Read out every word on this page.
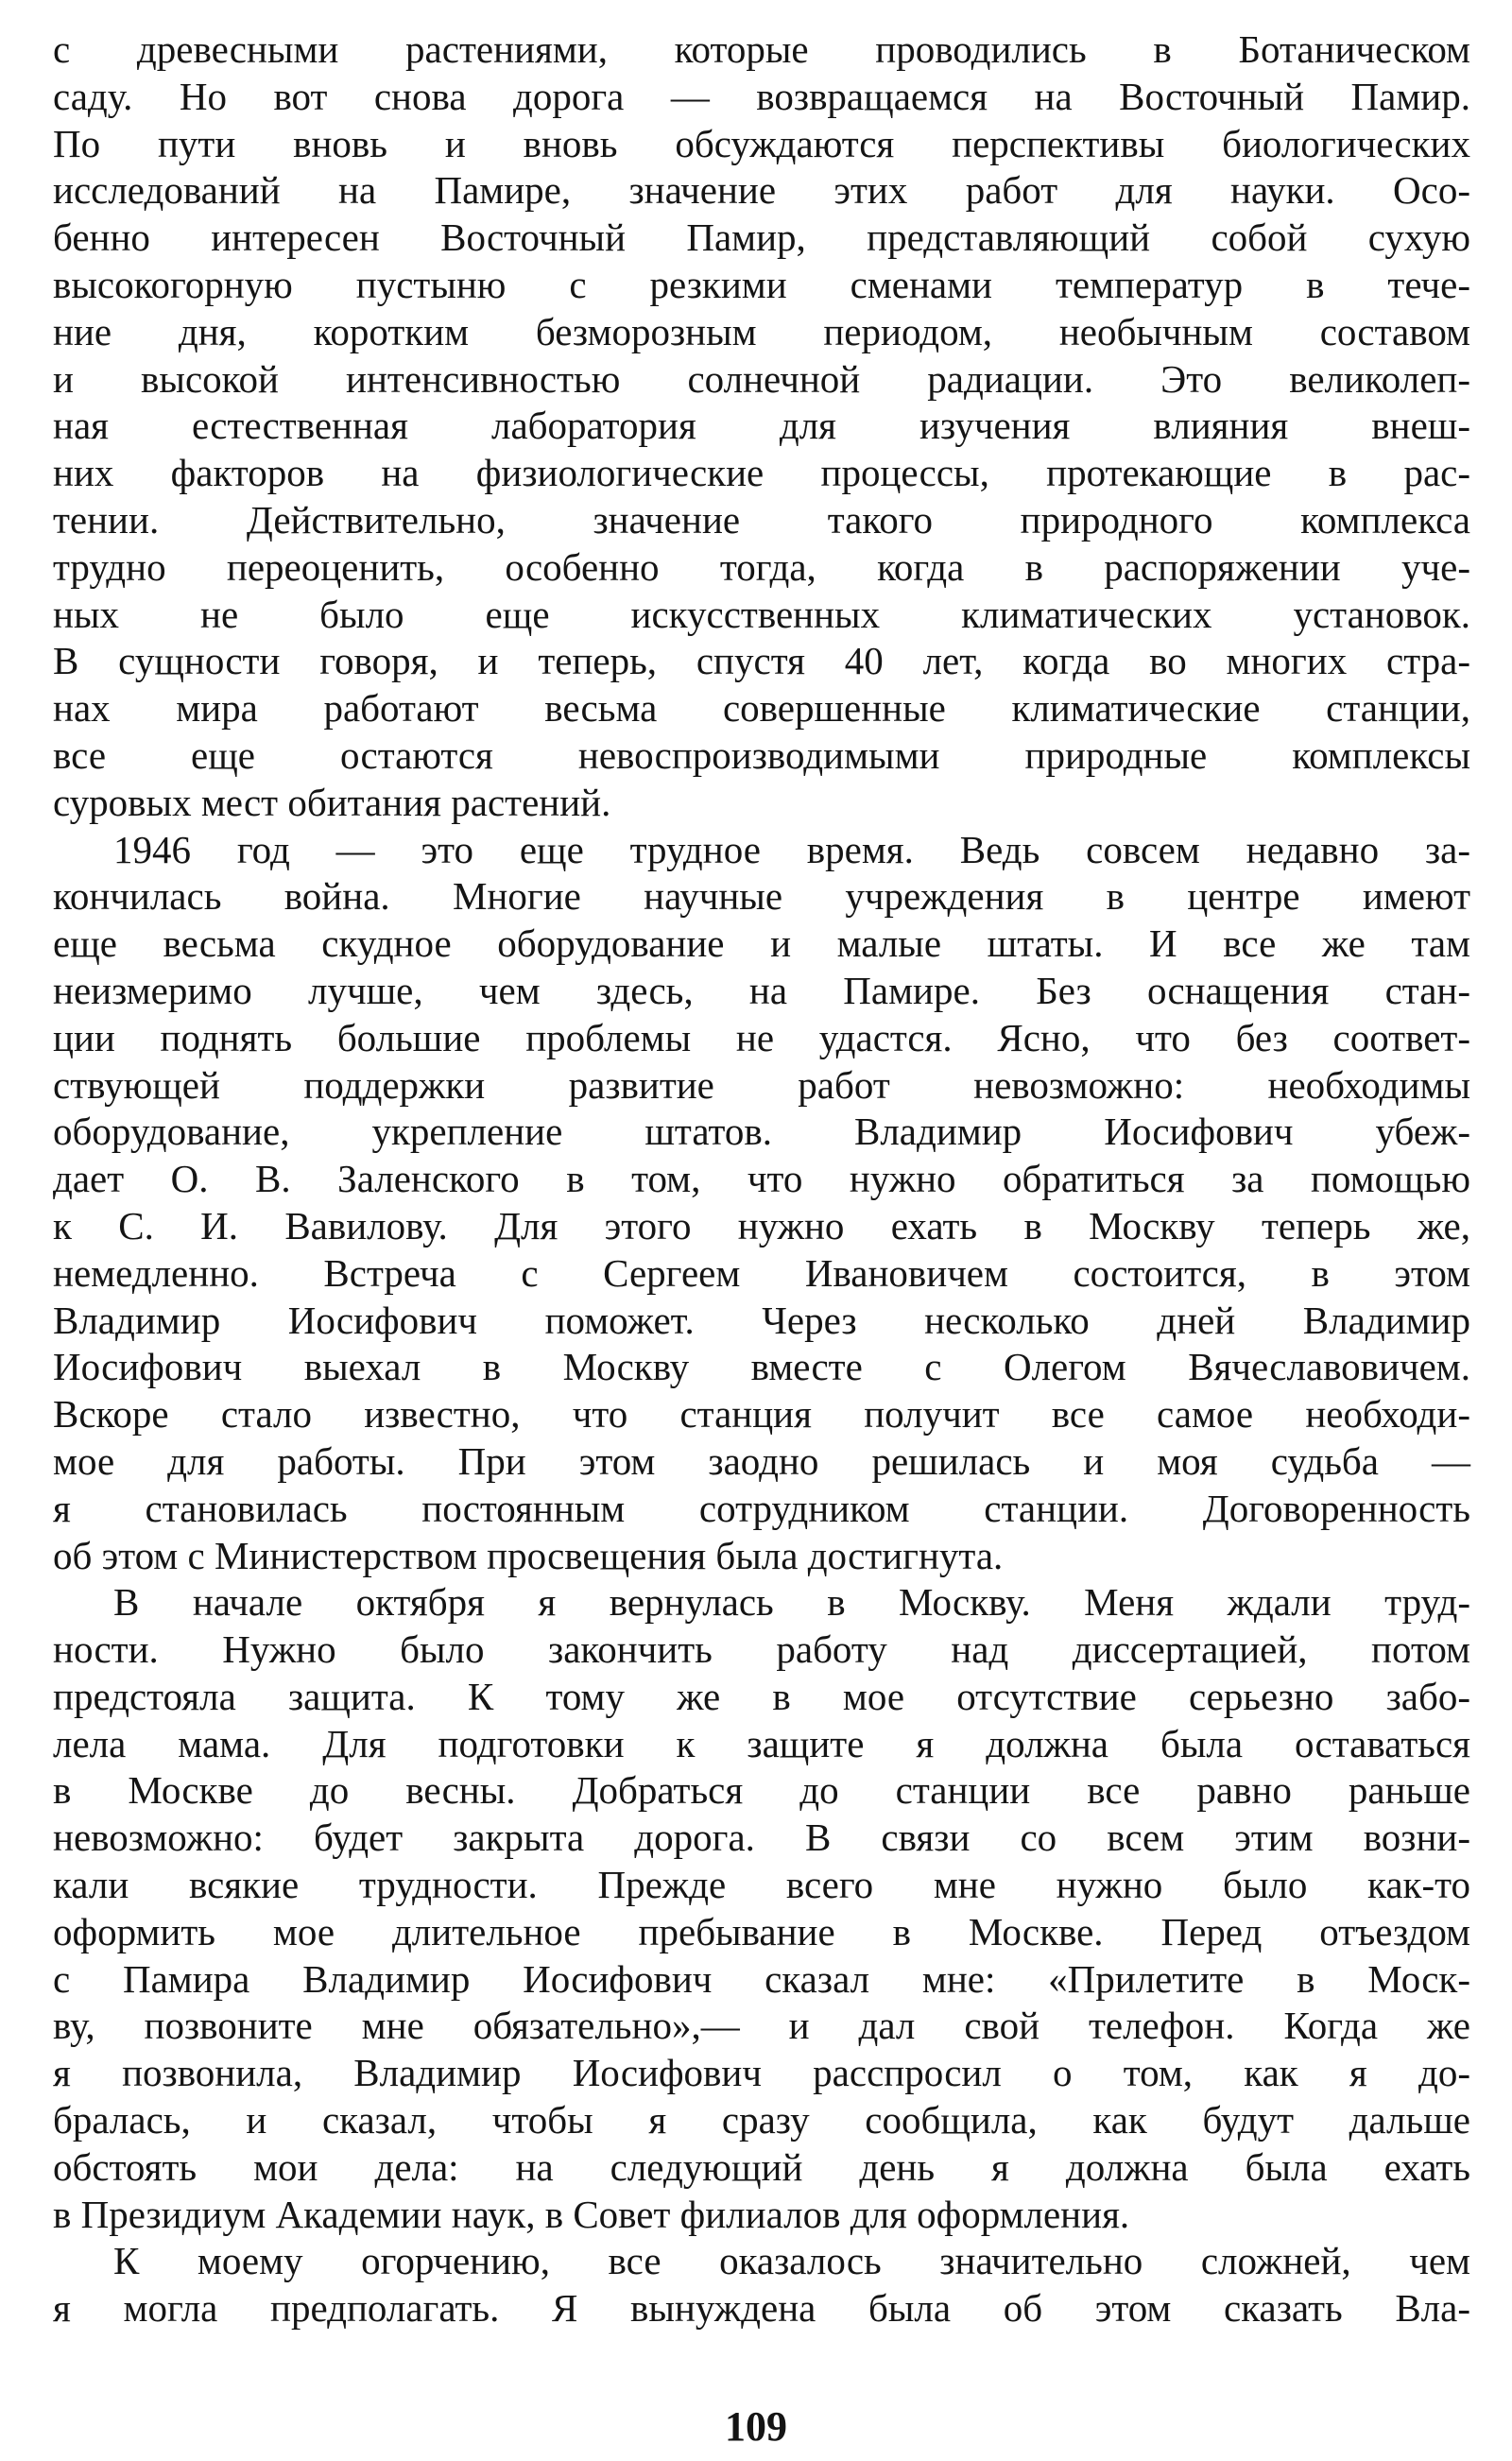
с древесными растениями, которые проводились в Ботаническом
саду. Но вот снова дорога — возвращаемся на Восточный Памир.
По пути вновь и вновь обсуждаются перспективы биологических
исследований на Памире, значение этих работ для науки. Осо-
бенно интересен Восточный Памир, представляющий собой сухую
высокогорную пустыню с резкими сменами температур в тече-
ние дня, коротким безморозным периодом, необычным составом
и высокой интенсивностью солнечной радиации. Это великолеп-
ная естественная лаборатория для изучения влияния внеш-
них факторов на физиологические процессы, протекающие в рас-
тении. Действительно, значение такого природного комплекса
трудно переоценить, особенно тогда, когда в распоряжении уче-
ных не было еще искусственных климатических установок.
В сущности говоря, и теперь, спустя 40 лет, когда во многих стра-
нах мира работают весьма совершенные климатические станции,
все еще остаются невоспроизводимыми природные комплексы
суровых мест обитания растений.
1946 год — это еще трудное время. Ведь совсем недавно за-
кончилась война. Многие научные учреждения в центре имеют
еще весьма скудное оборудование и малые штаты. И все же там
неизмеримо лучше, чем здесь, на Памире. Без оснащения стан-
ции поднять большие проблемы не удастся. Ясно, что без соответ-
ствующей поддержки развитие работ невозможно: необходимы
оборудование, укрепление штатов. Владимир Иосифович убеж-
дает О. В. Заленского в том, что нужно обратиться за помощью
к С. И. Вавилову. Для этого нужно ехать в Москву теперь же,
немедленно. Встреча с Сергеем Ивановичем состоится, в этом
Владимир Иосифович поможет. Через несколько дней Владимир
Иосифович выехал в Москву вместе с Олегом Вячеславовичем.
Вскоре стало известно, что станция получит все самое необходи-
мое для работы. При этом заодно решилась и моя судьба —
я становилась постоянным сотрудником станции. Договоренность
об этом с Министерством просвещения была достигнута.
В начале октября я вернулась в Москву. Меня ждали труд-
ности. Нужно было закончить работу над диссертацией, потом
предстояла защита. К тому же в мое отсутствие серьезно забо-
лела мама. Для подготовки к защите я должна была оставаться
в Москве до весны. Добраться до станции все равно раньше
невозможно: будет закрыта дорога. В связи со всем этим возни-
кали всякие трудности. Прежде всего мне нужно было как-то
оформить мое длительное пребывание в Москве. Перед отъездом
с Памира Владимир Иосифович сказал мне: «Прилетите в Моск-
ву, позвоните мне обязательно»,— и дал свой телефон. Когда же
я позвонила, Владимир Иосифович расспросил о том, как я до-
бралась, и сказал, чтобы я сразу сообщила, как будут дальше
обстоять мои дела: на следующий день я должна была ехать
в Президиум Академии наук, в Совет филиалов для оформления.
К моему огорчению, все оказалось значительно сложней, чем
я могла предполагать. Я вынуждена была об этом сказать Вла-
109
